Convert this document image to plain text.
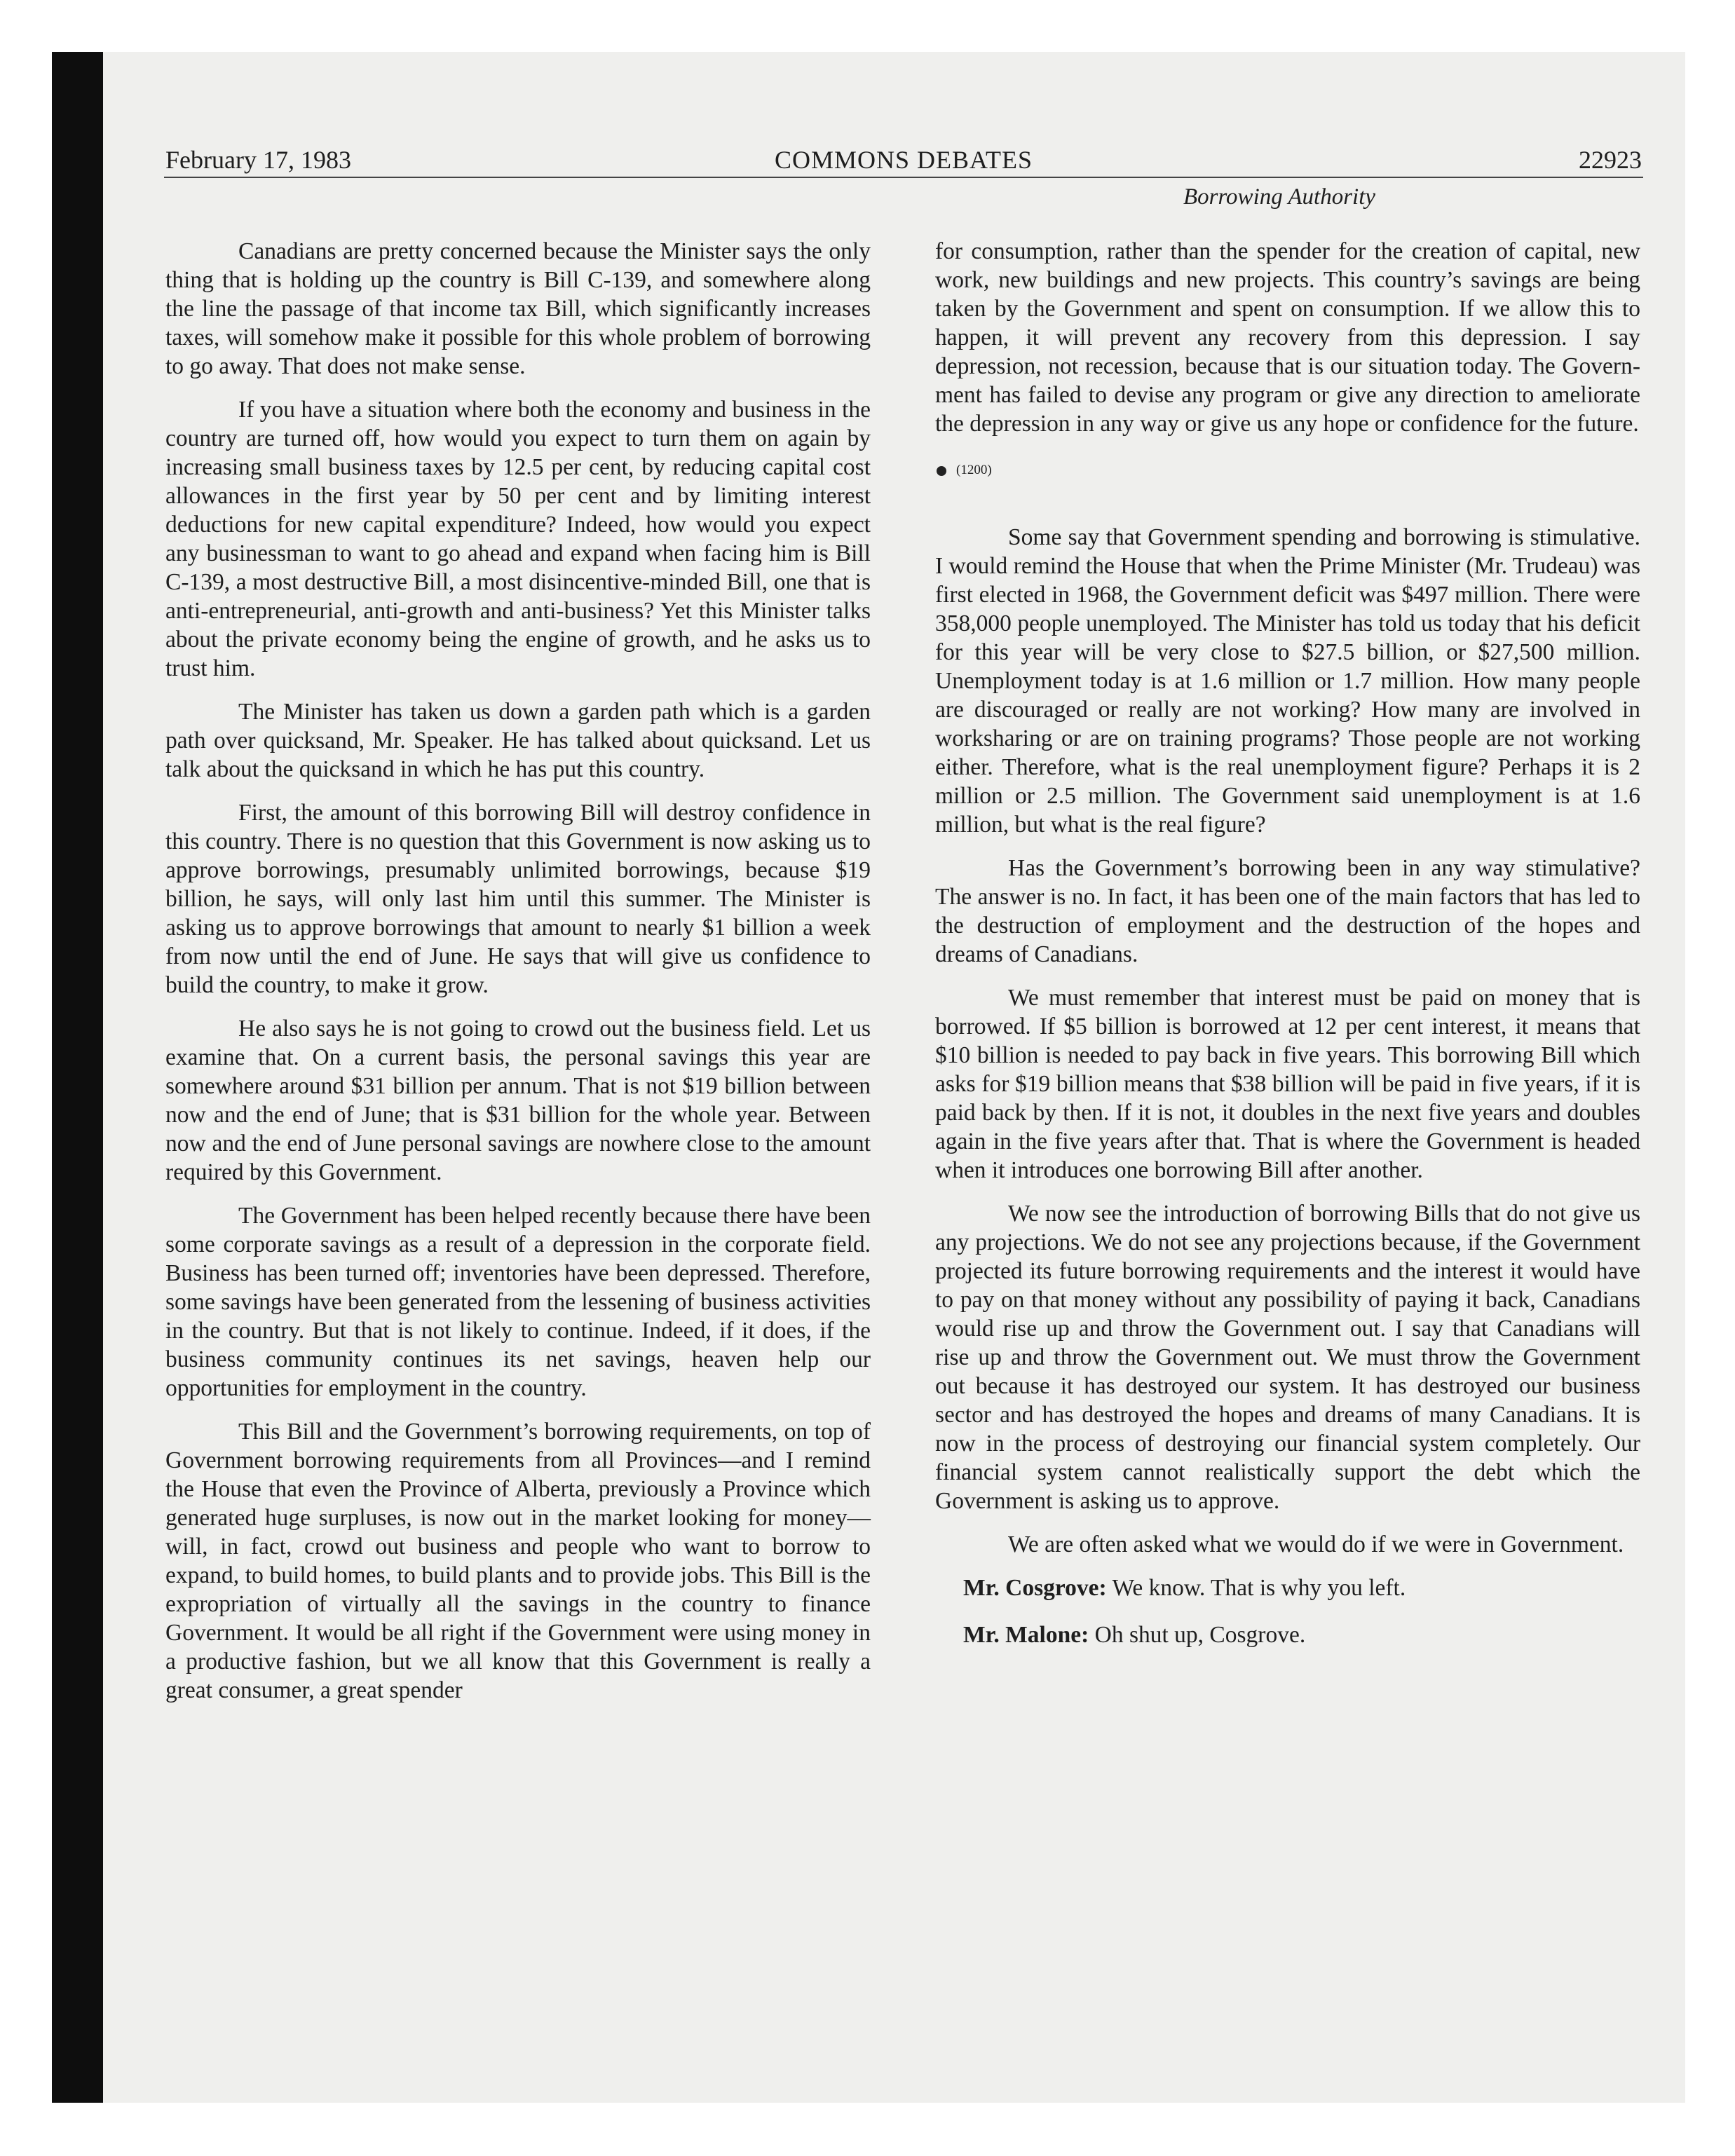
February 17, 1983	COMMONS DEBATES	22923
Borrowing Authority

Canadians are pretty concerned because the Minister says the only thing that is holding up the country is Bill C-139, and somewhere along the line the passage of that income tax Bill, which significantly increases taxes, will somehow make it possible for this whole problem of borrowing to go away. That does not make sense.

If you have a situation where both the economy and business in the country are turned off, how would you expect to turn them on again by increasing small business taxes by 12.5 per cent, by reducing capital cost allowances in the first year by 50 per cent and by limiting interest deductions for new capital expenditure? Indeed, how would you expect any businessman to want to go ahead and expand when facing him is Bill C-139, a most destructive Bill, a most disincentive-minded Bill, one that is anti-entrepreneurial, anti-growth and anti-business? Yet this Minister talks about the private economy being the engine of growth, and he asks us to trust him.

The Minister has taken us down a garden path which is a garden path over quicksand, Mr. Speaker. He has talked about quicksand. Let us talk about the quicksand in which he has put this country.

First, the amount of this borrowing Bill will destroy confidence in this country. There is no question that this Government is now asking us to approve borrowings, presumably unlimited borrowings, because $19 billion, he says, will only last him until this summer. The Minister is asking us to approve borrowings that amount to nearly $1 billion a week from now until the end of June. He says that will give us confidence to build the country, to make it grow.

He also says he is not going to crowd out the business field. Let us examine that. On a current basis, the personal savings this year are somewhere around $31 billion per annum. That is not $19 billion between now and the end of June; that is $31 billion for the whole year. Between now and the end of June personal savings are nowhere close to the amount required by this Government.

The Government has been helped recently because there have been some corporate savings as a result of a depression in the corporate field. Business has been turned off; inventories have been depressed. Therefore, some savings have been generated from the lessening of business activities in the country. But that is not likely to continue. Indeed, if it does, if the business community continues its net savings, heaven help our opportunities for employment in the country.

This Bill and the Government’s borrowing requirements, on top of Government borrowing requirements from all Provinces—and I remind the House that even the Province of Alberta, previously a Province which generated huge surpluses, is now out in the market looking for money—will, in fact, crowd out business and people who want to borrow to expand, to build homes, to build plants and to provide jobs. This Bill is the expropriation of virtually all the savings in the country to finance Government. It would be all right if the Government were using money in a productive fashion, but we all know that this Government is really a great consumer, a great spender

for consumption, rather than the spender for the creation of capital, new work, new buildings and new projects. This country’s savings are being taken by the Government and spent on consumption. If we allow this to happen, it will prevent any recovery from this depression. I say depression, not recession, because that is our situation today. The Government has failed to devise any program or give any direction to ameliorate the depression in any way or give us any hope or confidence for the future.

(1200)

Some say that Government spending and borrowing is stimulative. I would remind the House that when the Prime Minister (Mr. Trudeau) was first elected in 1968, the Government deficit was $497 million. There were 358,000 people unemployed. The Minister has told us today that his deficit for this year will be very close to $27.5 billion, or $27,500 million. Unemployment today is at 1.6 million or 1.7 million. How many people are discouraged or really are not working? How many are involved in worksharing or are on training programs? Those people are not working either. Therefore, what is the real unemployment figure? Perhaps it is 2 million or 2.5 million. The Government said unemployment is at 1.6 million, but what is the real figure?

Has the Government’s borrowing been in any way stimulative? The answer is no. In fact, it has been one of the main factors that has led to the destruction of employment and the destruction of the hopes and dreams of Canadians.

We must remember that interest must be paid on money that is borrowed. If $5 billion is borrowed at 12 per cent interest, it means that $10 billion is needed to pay back in five years. This borrowing Bill which asks for $19 billion means that $38 billion will be paid in five years, if it is paid back by then. If it is not, it doubles in the next five years and doubles again in the five years after that. That is where the Government is headed when it introduces one borrowing Bill after another.

We now see the introduction of borrowing Bills that do not give us any projections. We do not see any projections because, if the Government projected its future borrowing requirements and the interest it would have to pay on that money without any possibility of paying it back, Canadians would rise up and throw the Government out. I say that Canadians will rise up and throw the Government out. We must throw the Government out because it has destroyed our system. It has destroyed our business sector and has destroyed the hopes and dreams of many Canadians. It is now in the process of destroying our financial system completely. Our financial system cannot realistically support the debt which the Government is asking us to approve.

We are often asked what we would do if we were in Government.

Mr. Cosgrove: We know. That is why you left.

Mr. Malone: Oh shut up, Cosgrove.
